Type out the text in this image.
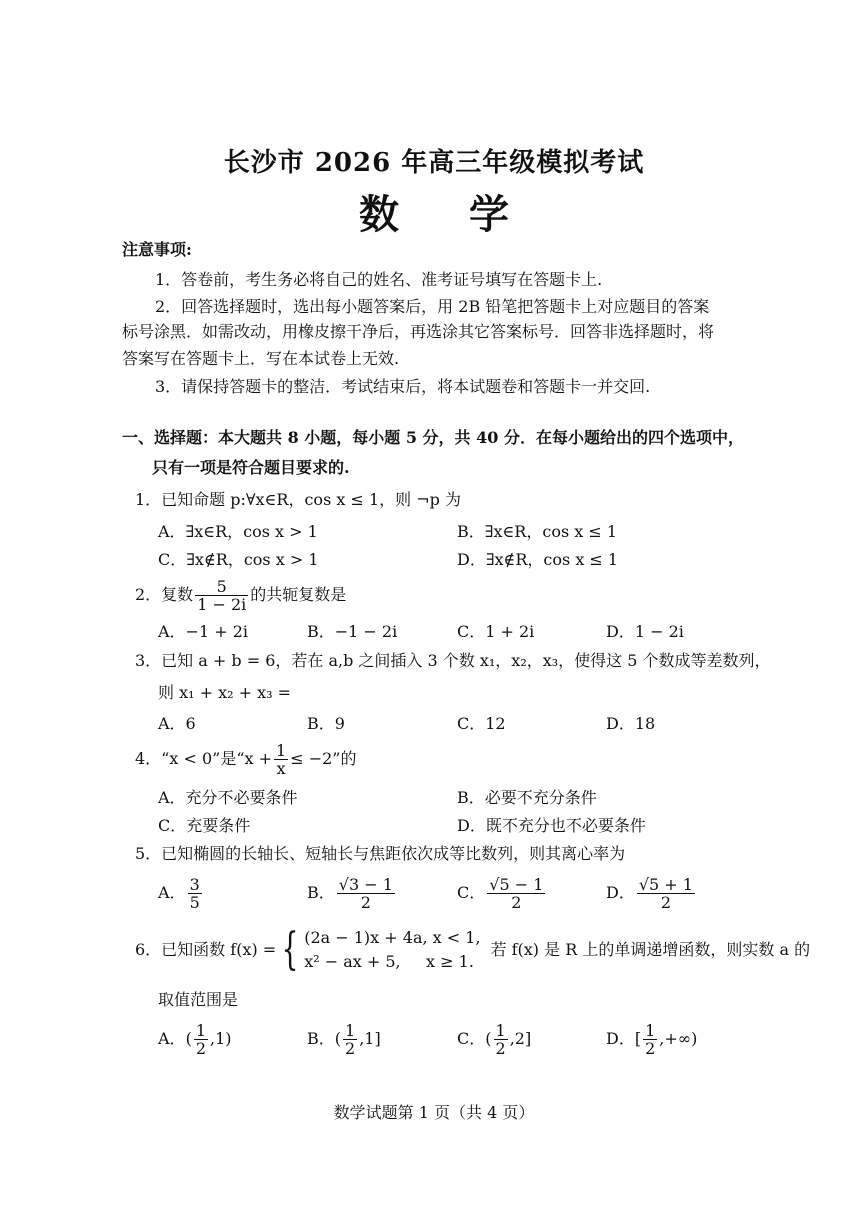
长沙市 2026 年高三年级模拟考试
数 学
注意事项:
1．答卷前，考生务必将自己的姓名、准考证号填写在答题卡上.
2．回答选择题时，选出每小题答案后，用 2B 铅笔把答题卡上对应题目的答案
标号涂黑．如需改动，用橡皮擦干净后，再选涂其它答案标号．回答非选择题时，将
答案写在答题卡上．写在本试卷上无效.
3．请保持答题卡的整洁．考试结束后，将本试题卷和答题卡一并交回.
一、选择题：本大题共 8 小题，每小题 5 分，共 40 分．在每小题给出的四个选项中，
只有一项是符合题目要求的.
1．已知命题 p:∀x∈R，cos x ≤ 1，则 ¬p 为
A．∃x∈R，cos x > 1	B．∃x∈R，cos x ≤ 1
C．∃x∉R，cos x > 1	D．∃x∉R，cos x ≤ 1
2．复数 $\frac{5}{1 - 2i}$ 的共轭复数是
A．−1 + 2i	B．−1 − 2i	C．1 + 2i	D．1 − 2i
3．已知 a + b = 6，若在 a,b 之间插入 3 个数 x₁，x₂，x₃，使得这 5 个数成等差数列，
则 x₁ + x₂ + x₃ =
A．6	B．9	C．12	D．18
4．“x < 0”是“$x + \frac{1}{x} \le -2$”的
A．充分不必要条件	B．必要不充分条件
C．充要条件	D．既不充分也不必要条件
5．已知椭圆的长轴长、短轴长与焦距依次成等比数列，则其离心率为
A． $\frac{3}{5}$	B． $\frac{√3 - 1}{2}$	C． $\frac{√5 - 1}{2}$	D． $\frac{√5 + 1}{2}$
6．已知函数 f(x) = { (2a − 1)x + 4a, x < 1,
x² − ax + 5,     x ≥ 1.
若 f(x) 是 R 上的单调递增函数，则实数 a 的
取值范围是
A．( $\frac{1}{2} ,1$)	B．( $\frac{1}{2} ,1$]	C．( $\frac{1}{2} ,2$]	D．[ $\frac{1}{2}$ ,+∞)
数学试题第 1 页（共 4 页）
